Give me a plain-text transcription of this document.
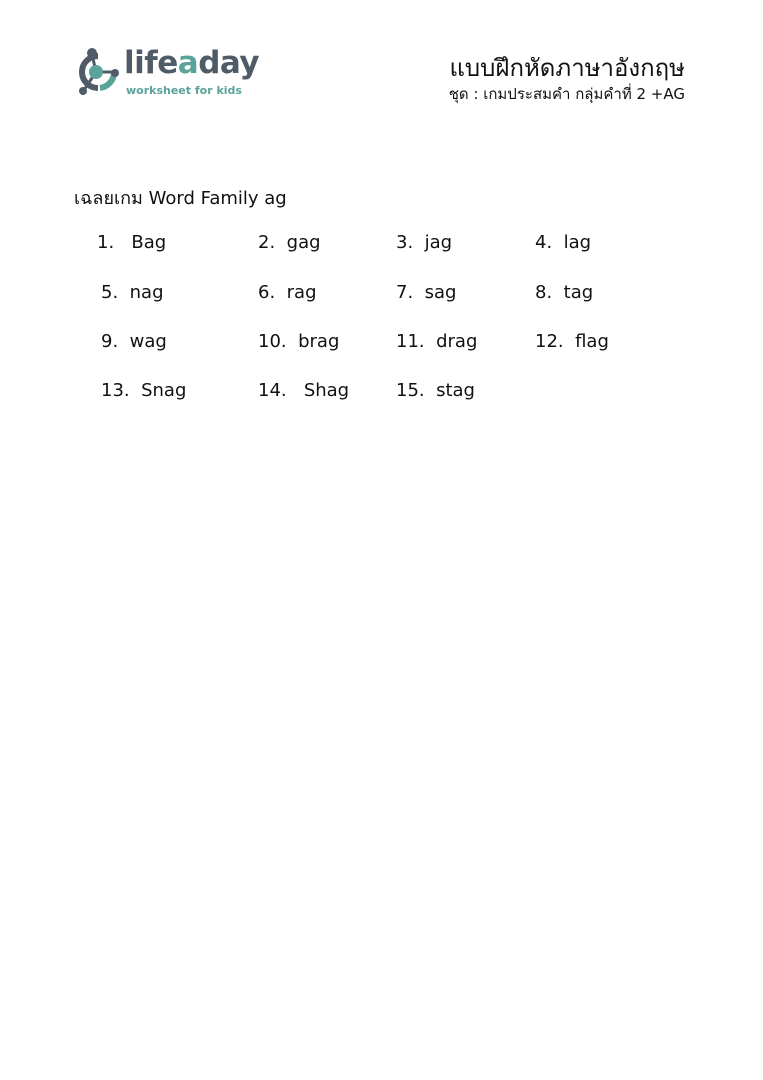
lifeaday
worksheet for kids
แบบฝึกหัดภาษาอังกฤษ
ชุด : เกมประสมคำ กลุ่มคำที่ 2 +AG
เฉลยเกม Word Family ag
1. Bag	2. gag	3. jag	4. lag
5. nag	6. rag	7. sag	8. tag
9. wag	10. brag	11. drag	12. flag
13. Snag	14. Shag	15. stag
